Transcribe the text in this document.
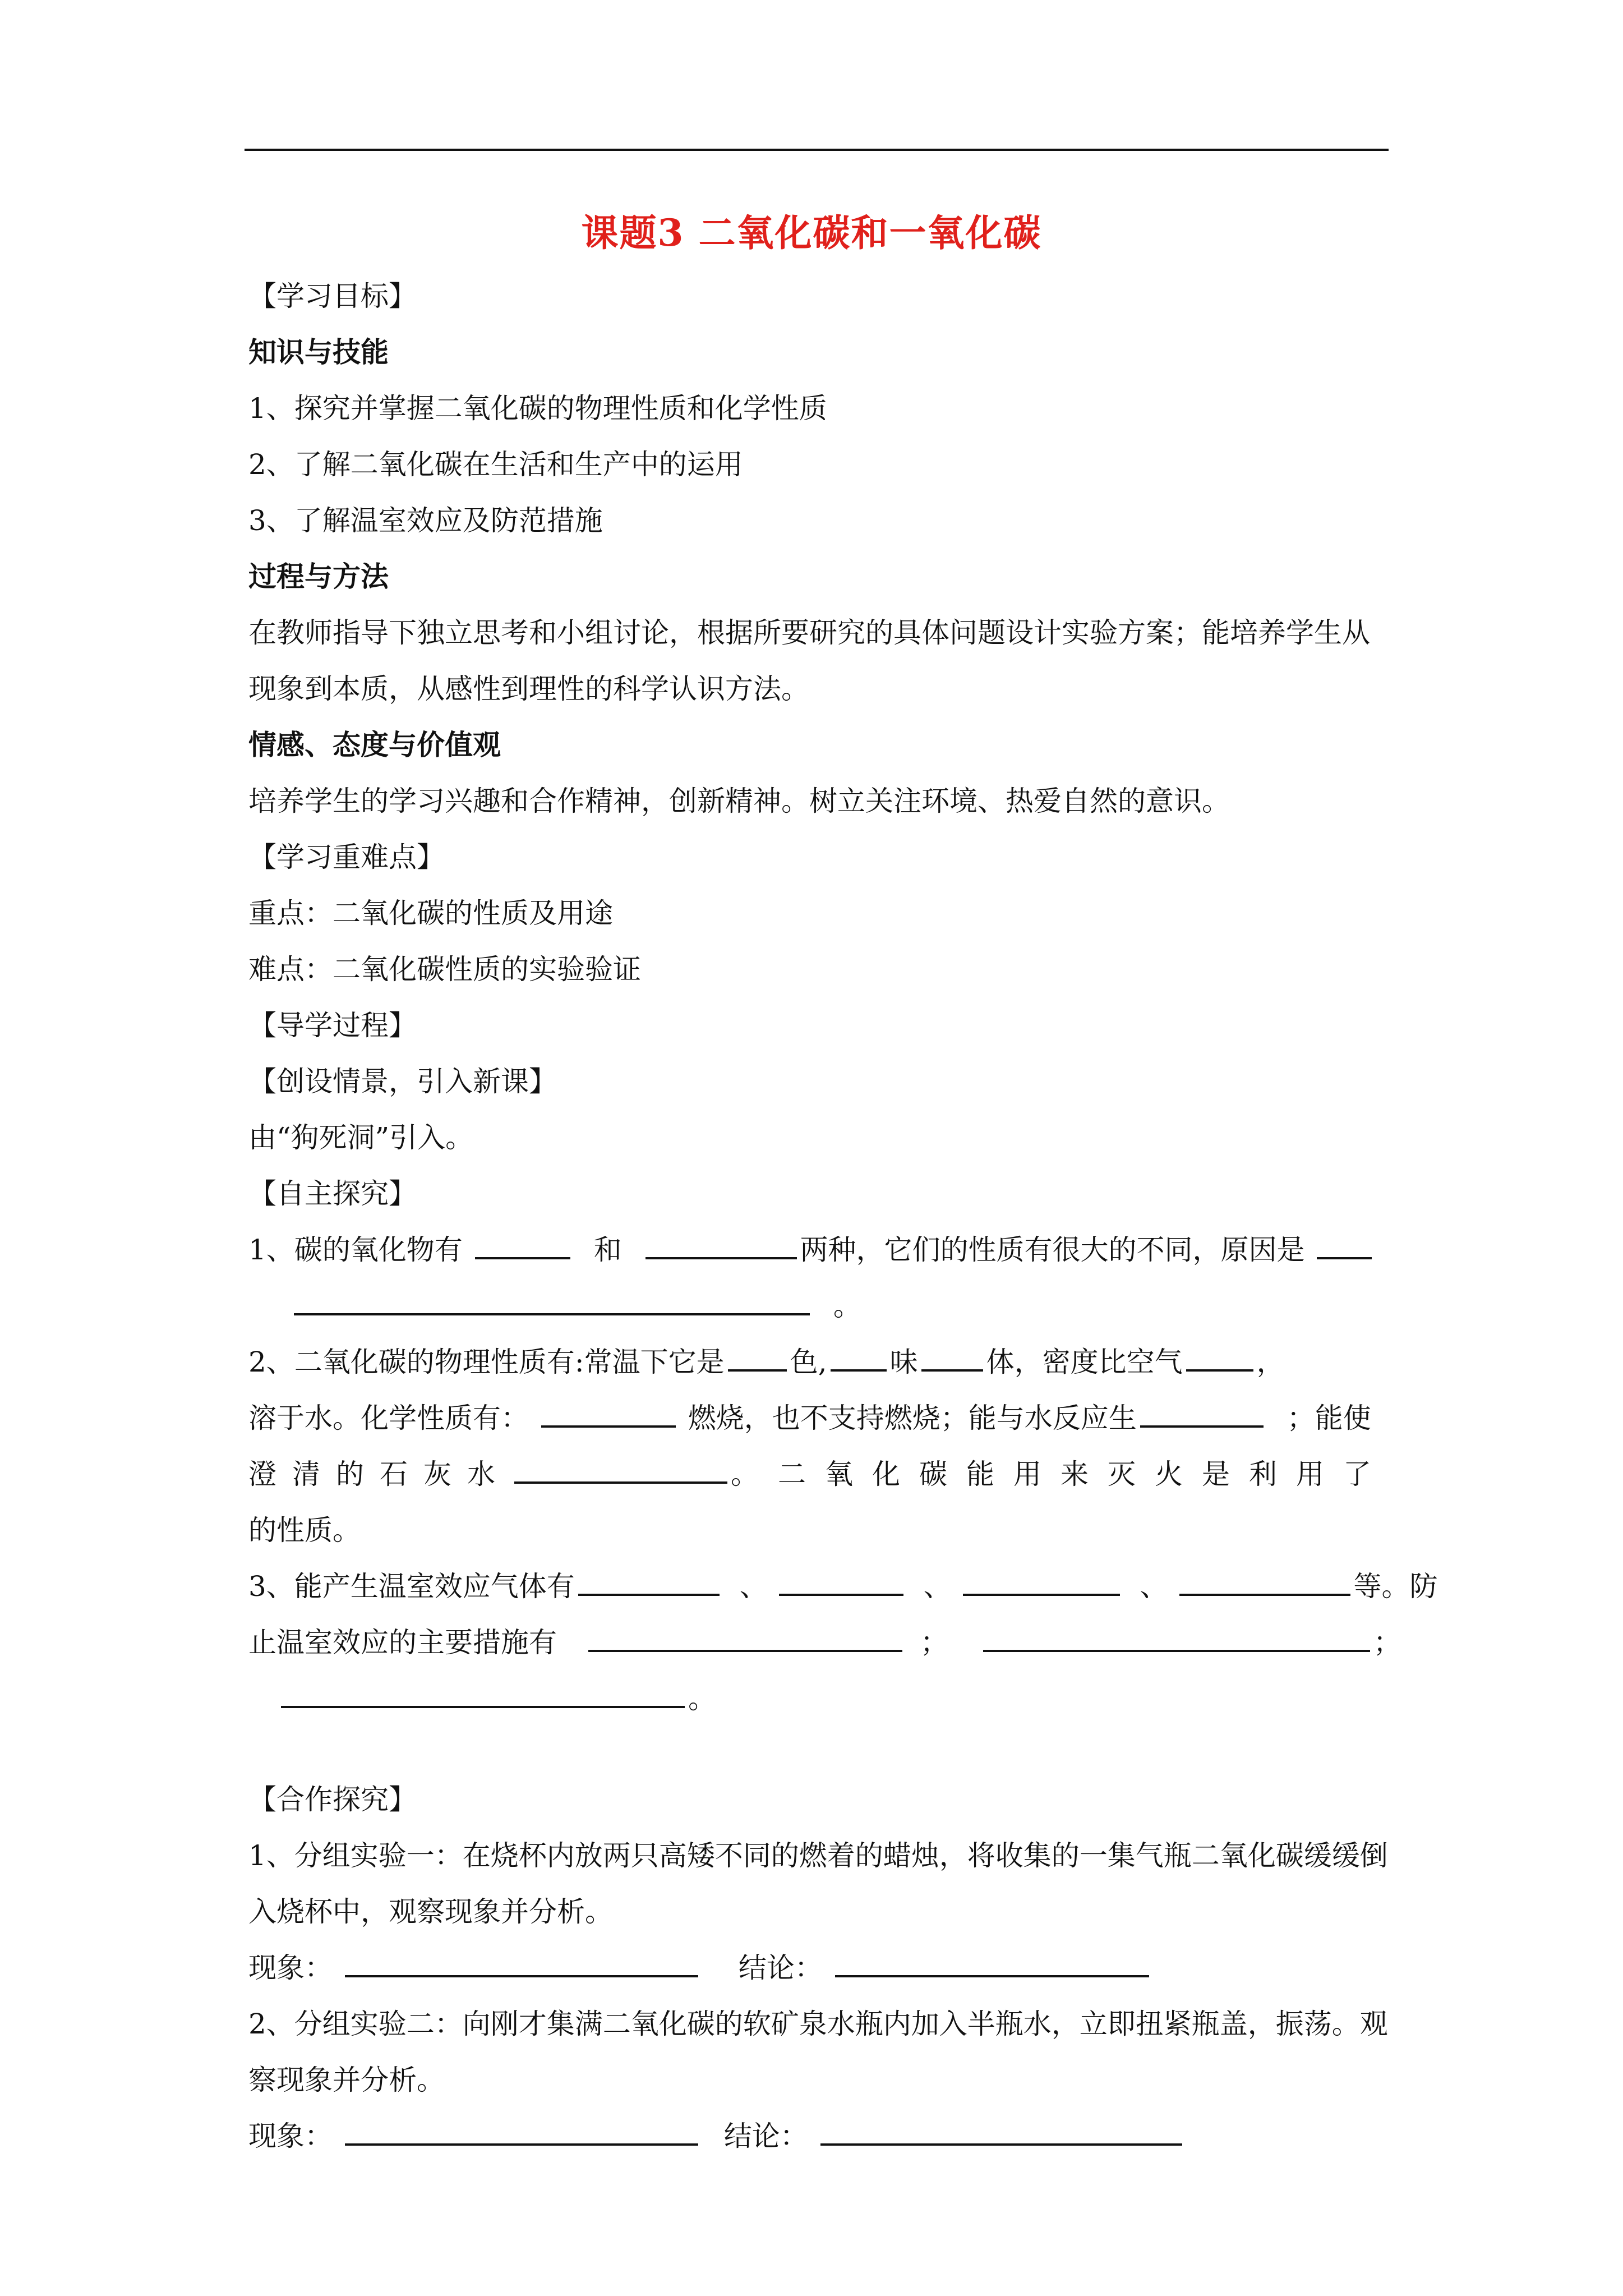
课题3 二氧化碳和一氧化碳
【学习目标】
知识与技能
1、探究并掌握二氧化碳的物理性质和化学性质
2、了解二氧化碳在生活和生产中的运用
3、了解温室效应及防范措施
过程与方法
在教师指导下独立思考和小组讨论，根据所要研究的具体问题设计实验方案；能培养学生从现象到本质，从感性到理性的科学认识方法。
情感、态度与价值观
培养学生的学习兴趣和合作精神，创新精神。树立关注环境、热爱自然的意识。
【学习重难点】
重点：二氧化碳的性质及用途
难点：二氧化碳性质的实验验证
【导学过程】
【创设情景，引入新课】
由“狗死洞”引入。
【自主探究】
1、碳的氧化物有	和	两种，它们的性质有很大的不同，原因是
。
2、二氧化碳的物理性质有:常温下它是 色, 味 体，密度比空气	，
溶于水。化学性质有：	燃烧，也不支持燃烧；能与水反应生	；能使
澄清的石灰水	。二氧化碳能用来灭火是利用了
的性质。
3、能产生温室效应气体有	、	、	、	等。防
止温室效应的主要措施有	；	；
。
【合作探究】
1、分组实验一：在烧杯内放两只高矮不同的燃着的蜡烛，将收集的一集气瓶二氧化碳缓缓倒入烧杯中，观察现象并分析。
现象：	结论：
2、分组实验二：向刚才集满二氧化碳的软矿泉水瓶内加入半瓶水，立即扭紧瓶盖，振荡。观察现象并分析。
现象：	结论：
